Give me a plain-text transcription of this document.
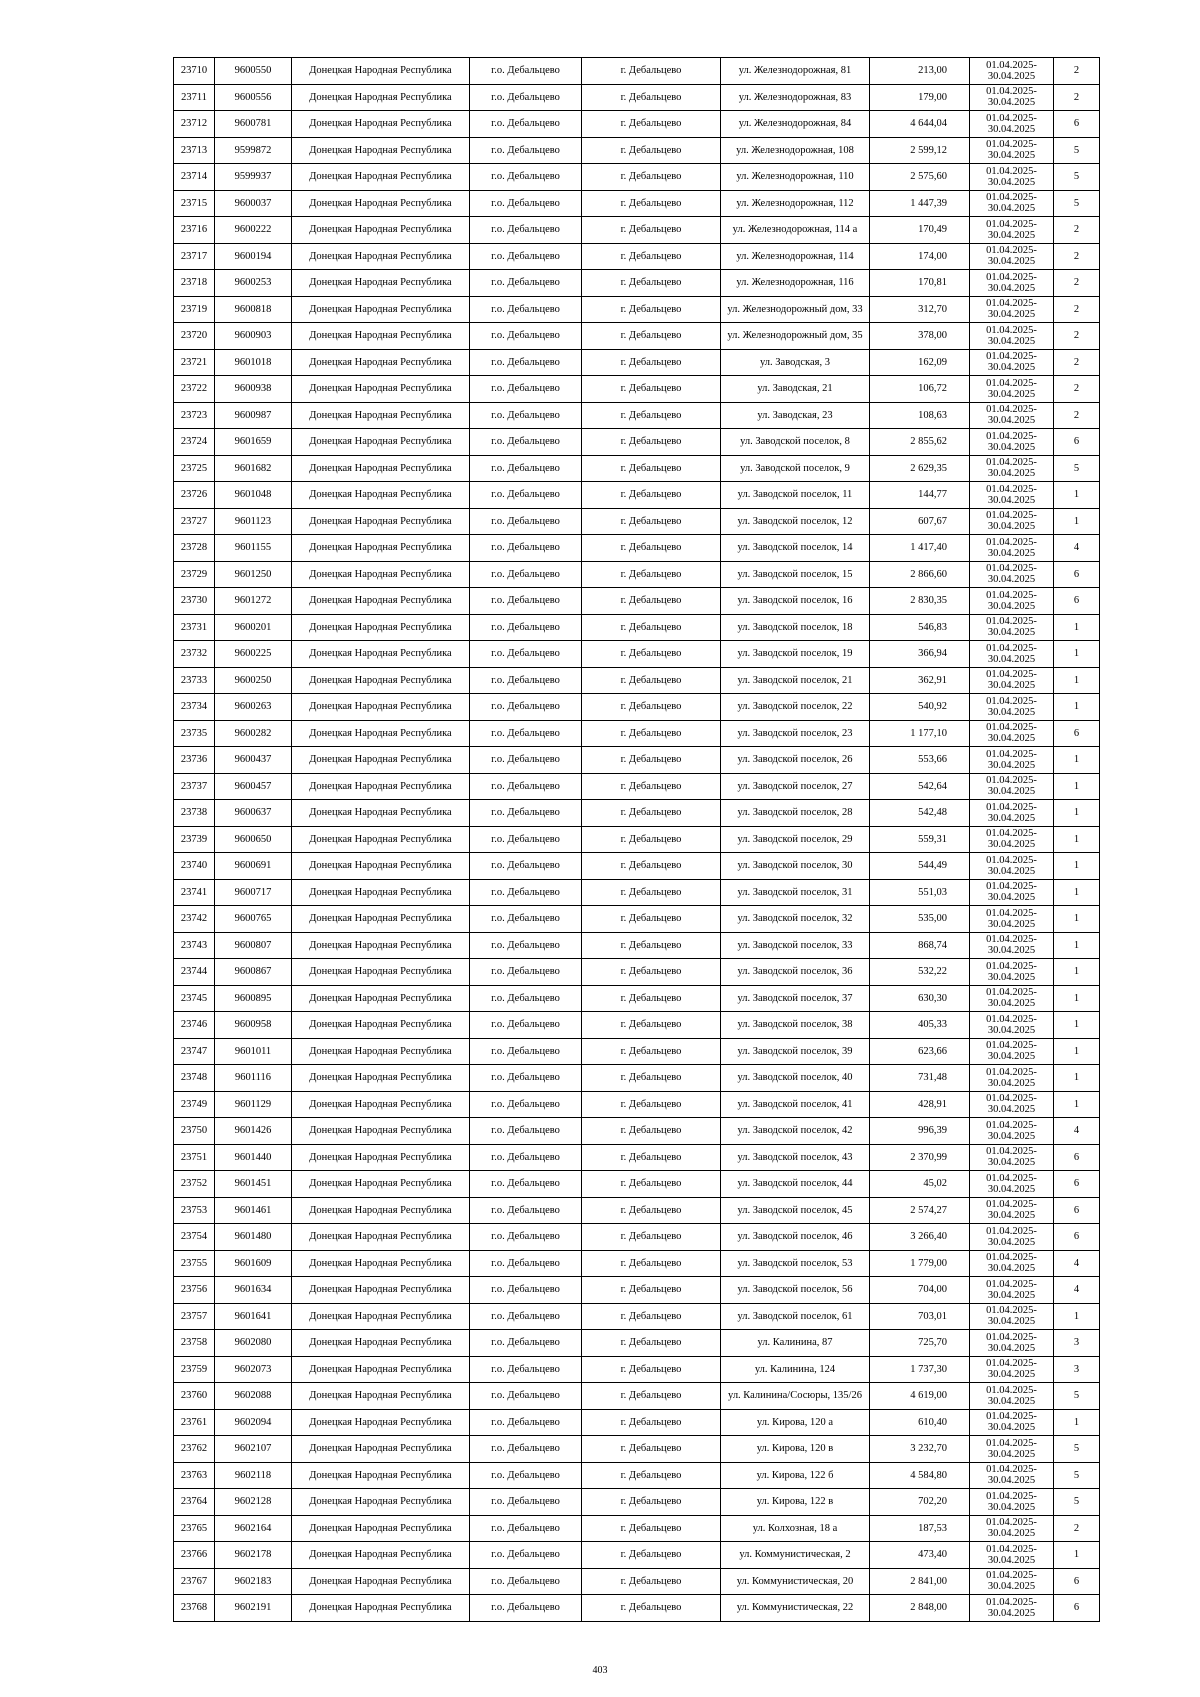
23710	9600550	Донецкая Народная Республика	г.о. Дебальцево	г. Дебальцево	ул. Железнодорожная, 81	213,00	01.04.2025-30.04.2025	2
23711	9600556	Донецкая Народная Республика	г.о. Дебальцево	г. Дебальцево	ул. Железнодорожная, 83	179,00	01.04.2025-30.04.2025	2
23712	9600781	Донецкая Народная Республика	г.о. Дебальцево	г. Дебальцево	ул. Железнодорожная, 84	4 644,04	01.04.2025-30.04.2025	6
23713	9599872	Донецкая Народная Республика	г.о. Дебальцево	г. Дебальцево	ул. Железнодорожная, 108	2 599,12	01.04.2025-30.04.2025	5
23714	9599937	Донецкая Народная Республика	г.о. Дебальцево	г. Дебальцево	ул. Железнодорожная, 110	2 575,60	01.04.2025-30.04.2025	5
23715	9600037	Донецкая Народная Республика	г.о. Дебальцево	г. Дебальцево	ул. Железнодорожная, 112	1 447,39	01.04.2025-30.04.2025	5
23716	9600222	Донецкая Народная Республика	г.о. Дебальцево	г. Дебальцево	ул. Железнодорожная, 114 а	170,49	01.04.2025-30.04.2025	2
23717	9600194	Донецкая Народная Республика	г.о. Дебальцево	г. Дебальцево	ул. Железнодорожная, 114	174,00	01.04.2025-30.04.2025	2
23718	9600253	Донецкая Народная Республика	г.о. Дебальцево	г. Дебальцево	ул. Железнодорожная, 116	170,81	01.04.2025-30.04.2025	2
23719	9600818	Донецкая Народная Республика	г.о. Дебальцево	г. Дебальцево	ул. Железнодорожный дом, 33	312,70	01.04.2025-30.04.2025	2
23720	9600903	Донецкая Народная Республика	г.о. Дебальцево	г. Дебальцево	ул. Железнодорожный дом, 35	378,00	01.04.2025-30.04.2025	2
23721	9601018	Донецкая Народная Республика	г.о. Дебальцево	г. Дебальцево	ул. Заводская, 3	162,09	01.04.2025-30.04.2025	2
23722	9600938	Донецкая Народная Республика	г.о. Дебальцево	г. Дебальцево	ул. Заводская, 21	106,72	01.04.2025-30.04.2025	2
23723	9600987	Донецкая Народная Республика	г.о. Дебальцево	г. Дебальцево	ул. Заводская, 23	108,63	01.04.2025-30.04.2025	2
23724	9601659	Донецкая Народная Республика	г.о. Дебальцево	г. Дебальцево	ул. Заводской поселок, 8	2 855,62	01.04.2025-30.04.2025	6
23725	9601682	Донецкая Народная Республика	г.о. Дебальцево	г. Дебальцево	ул. Заводской поселок, 9	2 629,35	01.04.2025-30.04.2025	5
23726	9601048	Донецкая Народная Республика	г.о. Дебальцево	г. Дебальцево	ул. Заводской поселок, 11	144,77	01.04.2025-30.04.2025	1
23727	9601123	Донецкая Народная Республика	г.о. Дебальцево	г. Дебальцево	ул. Заводской поселок, 12	607,67	01.04.2025-30.04.2025	1
23728	9601155	Донецкая Народная Республика	г.о. Дебальцево	г. Дебальцево	ул. Заводской поселок, 14	1 417,40	01.04.2025-30.04.2025	4
23729	9601250	Донецкая Народная Республика	г.о. Дебальцево	г. Дебальцево	ул. Заводской поселок, 15	2 866,60	01.04.2025-30.04.2025	6
23730	9601272	Донецкая Народная Республика	г.о. Дебальцево	г. Дебальцево	ул. Заводской поселок, 16	2 830,35	01.04.2025-30.04.2025	6
23731	9600201	Донецкая Народная Республика	г.о. Дебальцево	г. Дебальцево	ул. Заводской поселок, 18	546,83	01.04.2025-30.04.2025	1
23732	9600225	Донецкая Народная Республика	г.о. Дебальцево	г. Дебальцево	ул. Заводской поселок, 19	366,94	01.04.2025-30.04.2025	1
23733	9600250	Донецкая Народная Республика	г.о. Дебальцево	г. Дебальцево	ул. Заводской поселок, 21	362,91	01.04.2025-30.04.2025	1
23734	9600263	Донецкая Народная Республика	г.о. Дебальцево	г. Дебальцево	ул. Заводской поселок, 22	540,92	01.04.2025-30.04.2025	1
23735	9600282	Донецкая Народная Республика	г.о. Дебальцево	г. Дебальцево	ул. Заводской поселок, 23	1 177,10	01.04.2025-30.04.2025	6
23736	9600437	Донецкая Народная Республика	г.о. Дебальцево	г. Дебальцево	ул. Заводской поселок, 26	553,66	01.04.2025-30.04.2025	1
23737	9600457	Донецкая Народная Республика	г.о. Дебальцево	г. Дебальцево	ул. Заводской поселок, 27	542,64	01.04.2025-30.04.2025	1
23738	9600637	Донецкая Народная Республика	г.о. Дебальцево	г. Дебальцево	ул. Заводской поселок, 28	542,48	01.04.2025-30.04.2025	1
23739	9600650	Донецкая Народная Республика	г.о. Дебальцево	г. Дебальцево	ул. Заводской поселок, 29	559,31	01.04.2025-30.04.2025	1
23740	9600691	Донецкая Народная Республика	г.о. Дебальцево	г. Дебальцево	ул. Заводской поселок, 30	544,49	01.04.2025-30.04.2025	1
23741	9600717	Донецкая Народная Республика	г.о. Дебальцево	г. Дебальцево	ул. Заводской поселок, 31	551,03	01.04.2025-30.04.2025	1
23742	9600765	Донецкая Народная Республика	г.о. Дебальцево	г. Дебальцево	ул. Заводской поселок, 32	535,00	01.04.2025-30.04.2025	1
23743	9600807	Донецкая Народная Республика	г.о. Дебальцево	г. Дебальцево	ул. Заводской поселок, 33	868,74	01.04.2025-30.04.2025	1
23744	9600867	Донецкая Народная Республика	г.о. Дебальцево	г. Дебальцево	ул. Заводской поселок, 36	532,22	01.04.2025-30.04.2025	1
23745	9600895	Донецкая Народная Республика	г.о. Дебальцево	г. Дебальцево	ул. Заводской поселок, 37	630,30	01.04.2025-30.04.2025	1
23746	9600958	Донецкая Народная Республика	г.о. Дебальцево	г. Дебальцево	ул. Заводской поселок, 38	405,33	01.04.2025-30.04.2025	1
23747	9601011	Донецкая Народная Республика	г.о. Дебальцево	г. Дебальцево	ул. Заводской поселок, 39	623,66	01.04.2025-30.04.2025	1
23748	9601116	Донецкая Народная Республика	г.о. Дебальцево	г. Дебальцево	ул. Заводской поселок, 40	731,48	01.04.2025-30.04.2025	1
23749	9601129	Донецкая Народная Республика	г.о. Дебальцево	г. Дебальцево	ул. Заводской поселок, 41	428,91	01.04.2025-30.04.2025	1
23750	9601426	Донецкая Народная Республика	г.о. Дебальцево	г. Дебальцево	ул. Заводской поселок, 42	996,39	01.04.2025-30.04.2025	4
23751	9601440	Донецкая Народная Республика	г.о. Дебальцево	г. Дебальцево	ул. Заводской поселок, 43	2 370,99	01.04.2025-30.04.2025	6
23752	9601451	Донецкая Народная Республика	г.о. Дебальцево	г. Дебальцево	ул. Заводской поселок, 44	45,02	01.04.2025-30.04.2025	6
23753	9601461	Донецкая Народная Республика	г.о. Дебальцево	г. Дебальцево	ул. Заводской поселок, 45	2 574,27	01.04.2025-30.04.2025	6
23754	9601480	Донецкая Народная Республика	г.о. Дебальцево	г. Дебальцево	ул. Заводской поселок, 46	3 266,40	01.04.2025-30.04.2025	6
23755	9601609	Донецкая Народная Республика	г.о. Дебальцево	г. Дебальцево	ул. Заводской поселок, 53	1 779,00	01.04.2025-30.04.2025	4
23756	9601634	Донецкая Народная Республика	г.о. Дебальцево	г. Дебальцево	ул. Заводской поселок, 56	704,00	01.04.2025-30.04.2025	4
23757	9601641	Донецкая Народная Республика	г.о. Дебальцево	г. Дебальцево	ул. Заводской поселок, 61	703,01	01.04.2025-30.04.2025	1
23758	9602080	Донецкая Народная Республика	г.о. Дебальцево	г. Дебальцево	ул. Калинина, 87	725,70	01.04.2025-30.04.2025	3
23759	9602073	Донецкая Народная Республика	г.о. Дебальцево	г. Дебальцево	ул. Калинина, 124	1 737,30	01.04.2025-30.04.2025	3
23760	9602088	Донецкая Народная Республика	г.о. Дебальцево	г. Дебальцево	ул. Калинина/Сосюры, 135/26	4 619,00	01.04.2025-30.04.2025	5
23761	9602094	Донецкая Народная Республика	г.о. Дебальцево	г. Дебальцево	ул. Кирова, 120 а	610,40	01.04.2025-30.04.2025	1
23762	9602107	Донецкая Народная Республика	г.о. Дебальцево	г. Дебальцево	ул. Кирова, 120 в	3 232,70	01.04.2025-30.04.2025	5
23763	9602118	Донецкая Народная Республика	г.о. Дебальцево	г. Дебальцево	ул. Кирова, 122 б	4 584,80	01.04.2025-30.04.2025	5
23764	9602128	Донецкая Народная Республика	г.о. Дебальцево	г. Дебальцево	ул. Кирова, 122 в	702,20	01.04.2025-30.04.2025	5
23765	9602164	Донецкая Народная Республика	г.о. Дебальцево	г. Дебальцево	ул. Колхозная, 18 а	187,53	01.04.2025-30.04.2025	2
23766	9602178	Донецкая Народная Республика	г.о. Дебальцево	г. Дебальцево	ул. Коммунистическая, 2	473,40	01.04.2025-30.04.2025	1
23767	9602183	Донецкая Народная Республика	г.о. Дебальцево	г. Дебальцево	ул. Коммунистическая, 20	2 841,00	01.04.2025-30.04.2025	6
23768	9602191	Донецкая Народная Республика	г.о. Дебальцево	г. Дебальцево	ул. Коммунистическая, 22	2 848,00	01.04.2025-30.04.2025	6
403
